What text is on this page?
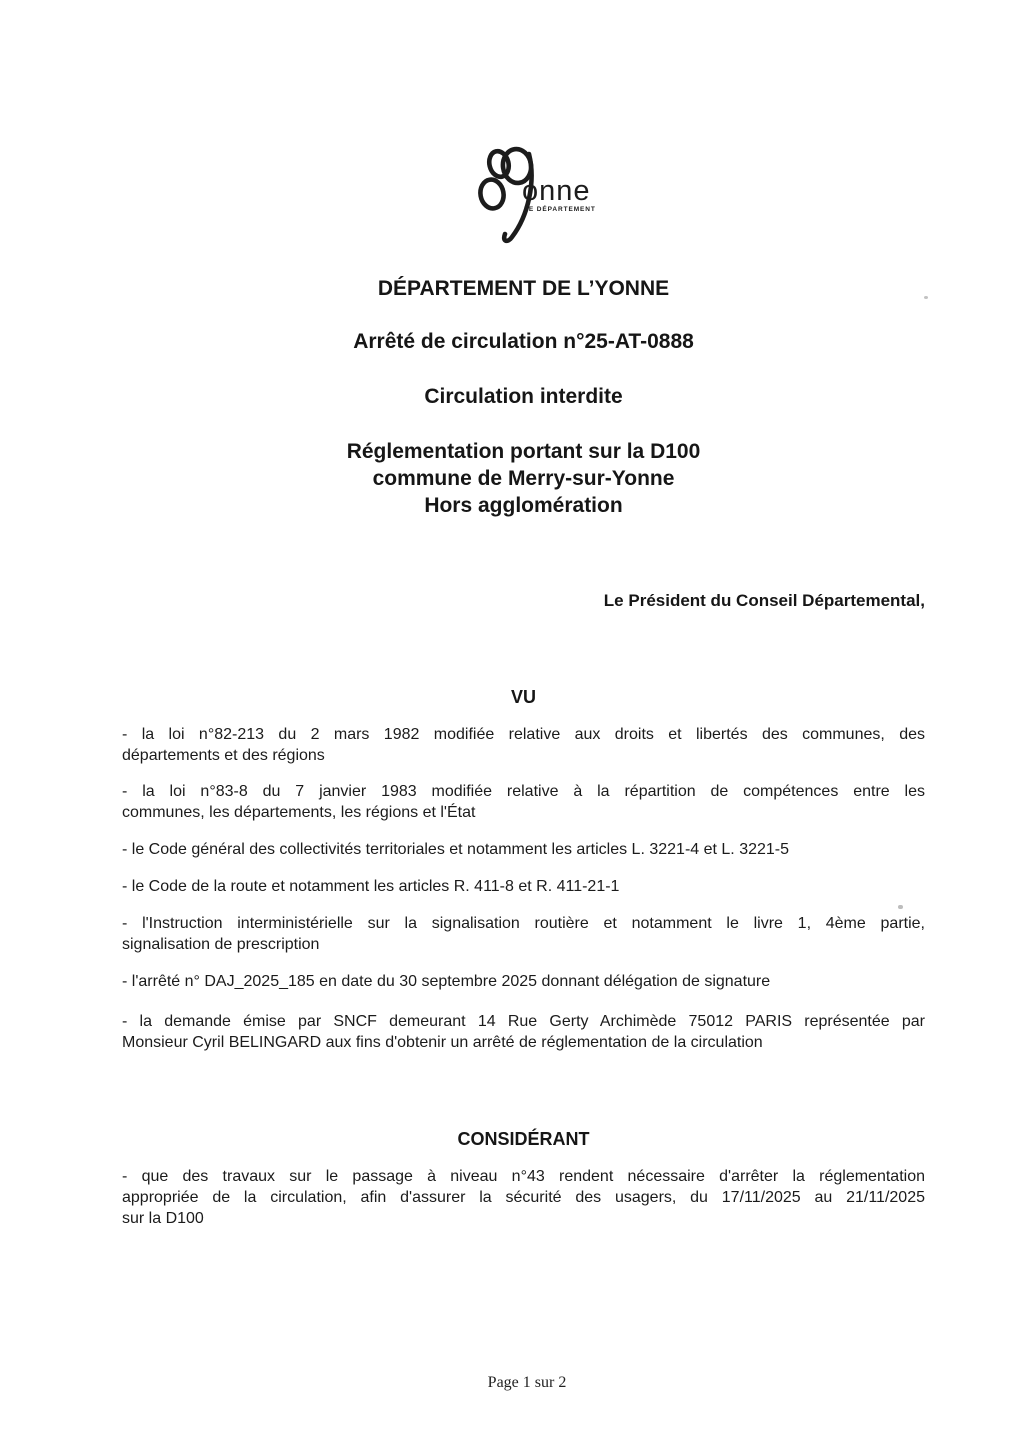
onne
LE DÉPARTEMENT
DÉPARTEMENT DE L’YONNE
Arrêté de circulation n°25-AT-0888
Circulation interdite
Réglementation portant sur la D100
commune de Merry-sur-Yonne
Hors agglomération
Le Président du Conseil Départemental,
VU
- la loi n°82-213 du 2 mars 1982 modifiée relative aux droits et libertés des communes, des
départements et des régions
- la loi n°83-8 du 7 janvier 1983 modifiée relative à la répartition de compétences entre les
communes, les départements, les régions et l'État
- le Code général des collectivités territoriales et notamment les articles L. 3221-4 et L. 3221-5
- le Code de la route et notamment les articles R. 411-8 et R. 411-21-1
- l'Instruction interministérielle sur la signalisation routière et notamment le livre 1, 4ème partie,
signalisation de prescription
- l'arrêté n° DAJ_2025_185 en date du 30 septembre 2025 donnant délégation de signature
- la demande émise par SNCF demeurant 14 Rue Gerty Archimède 75012 PARIS représentée par
Monsieur Cyril BELINGARD aux fins d'obtenir un arrêté de réglementation de la circulation
CONSIDÉRANT
- que des travaux sur le passage à niveau n°43 rendent nécessaire d'arrêter la réglementation
appropriée de la circulation, afin d'assurer la sécurité des usagers, du 17/11/2025 au 21/11/2025
sur la D100
Page 1 sur 2
